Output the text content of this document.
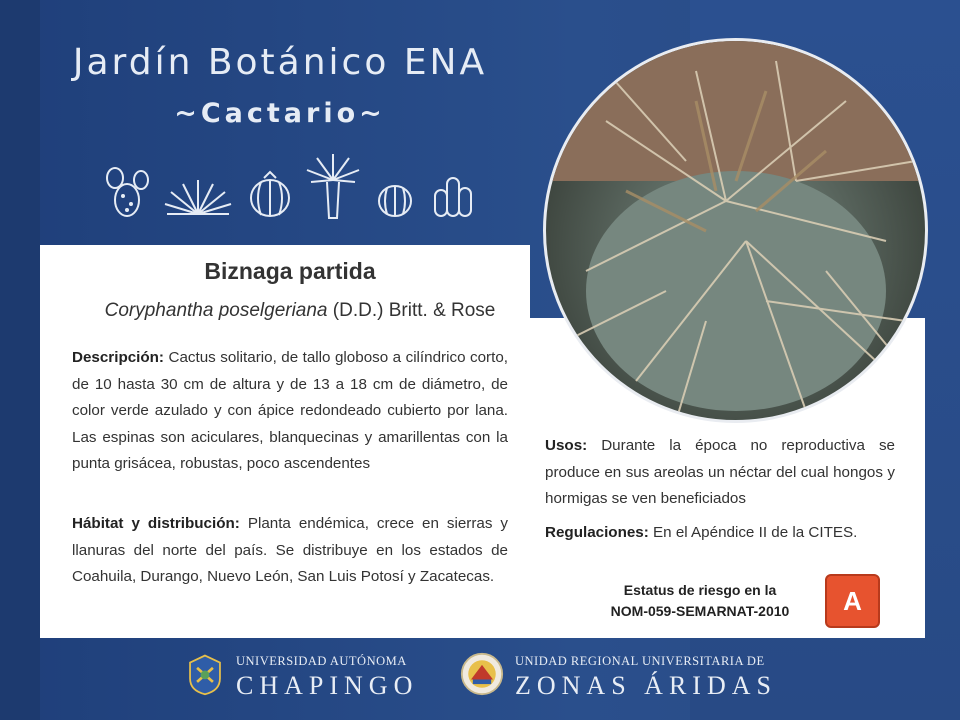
Jardín Botánico ENA
~Cactario~
Biznaga partida
Coryphantha poselgeriana (D.D.) Britt. & Rose
Descripción: Cactus solitario, de tallo globoso a cilíndrico corto, de 10 hasta 30 cm de altura y de 13 a 18 cm de diámetro, de color verde azulado y con ápice redondeado cubierto por lana. Las espinas son aciculares, blanquecinas y amarillentas con la punta grisácea, robustas, poco ascendentes
Hábitat y distribución: Planta endémica, crece en sierras y llanuras del norte del país. Se distribuye en los estados de Coahuila, Durango, Nuevo León, San Luis Potosí y Zacatecas.
Usos: Durante la época no reproductiva se produce en sus areolas un néctar del cual hongos y hormigas se ven beneficiados
Regulaciones: En el Apéndice II de la CITES.
Estatus de riesgo en la
NOM-059-SEMARNAT-2010	A
UNIVERSIDAD AUTÓNOMA
CHAPINGO
UNIDAD REGIONAL UNIVERSITARIA DE
ZONAS ÁRIDAS
